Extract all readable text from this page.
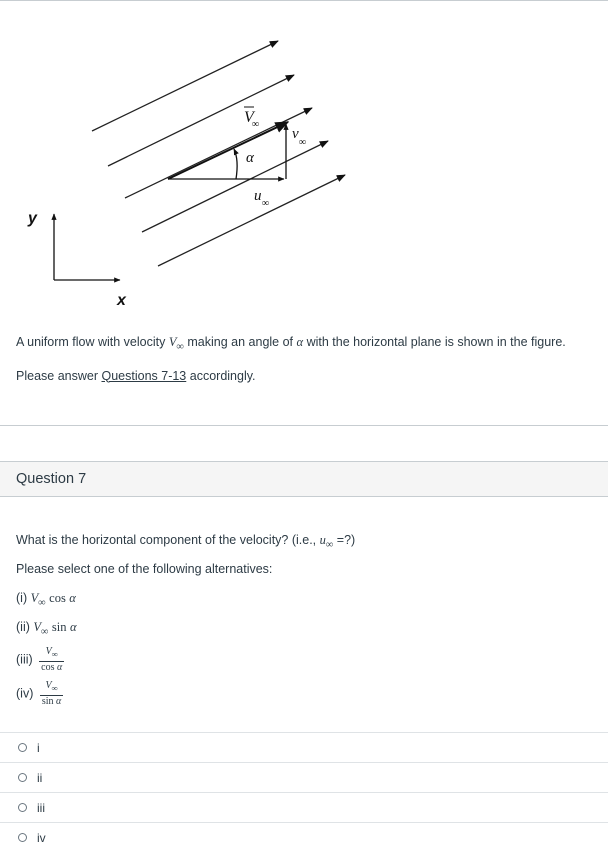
V
∞
α
u ∞
v
∞
y
x

A uniform flow with velocity $V_\infty$ making an angle of α with the horizontal plane is shown in the figure.

Please answer Questions 7-13 accordingly.

Question 7
What is the horizontal component of the velocity? (i.e., $u_\infty$ =?)
Please select one of the following alternatives:
(i) $V_\infty$ cos α
(ii) $V_\infty$ sin α
$(iii) \frac{V_\infty}{\text{cos α}}$
$(iv) \frac{V_\infty}{\text{sin α}}$
i
ii
iii
iv
